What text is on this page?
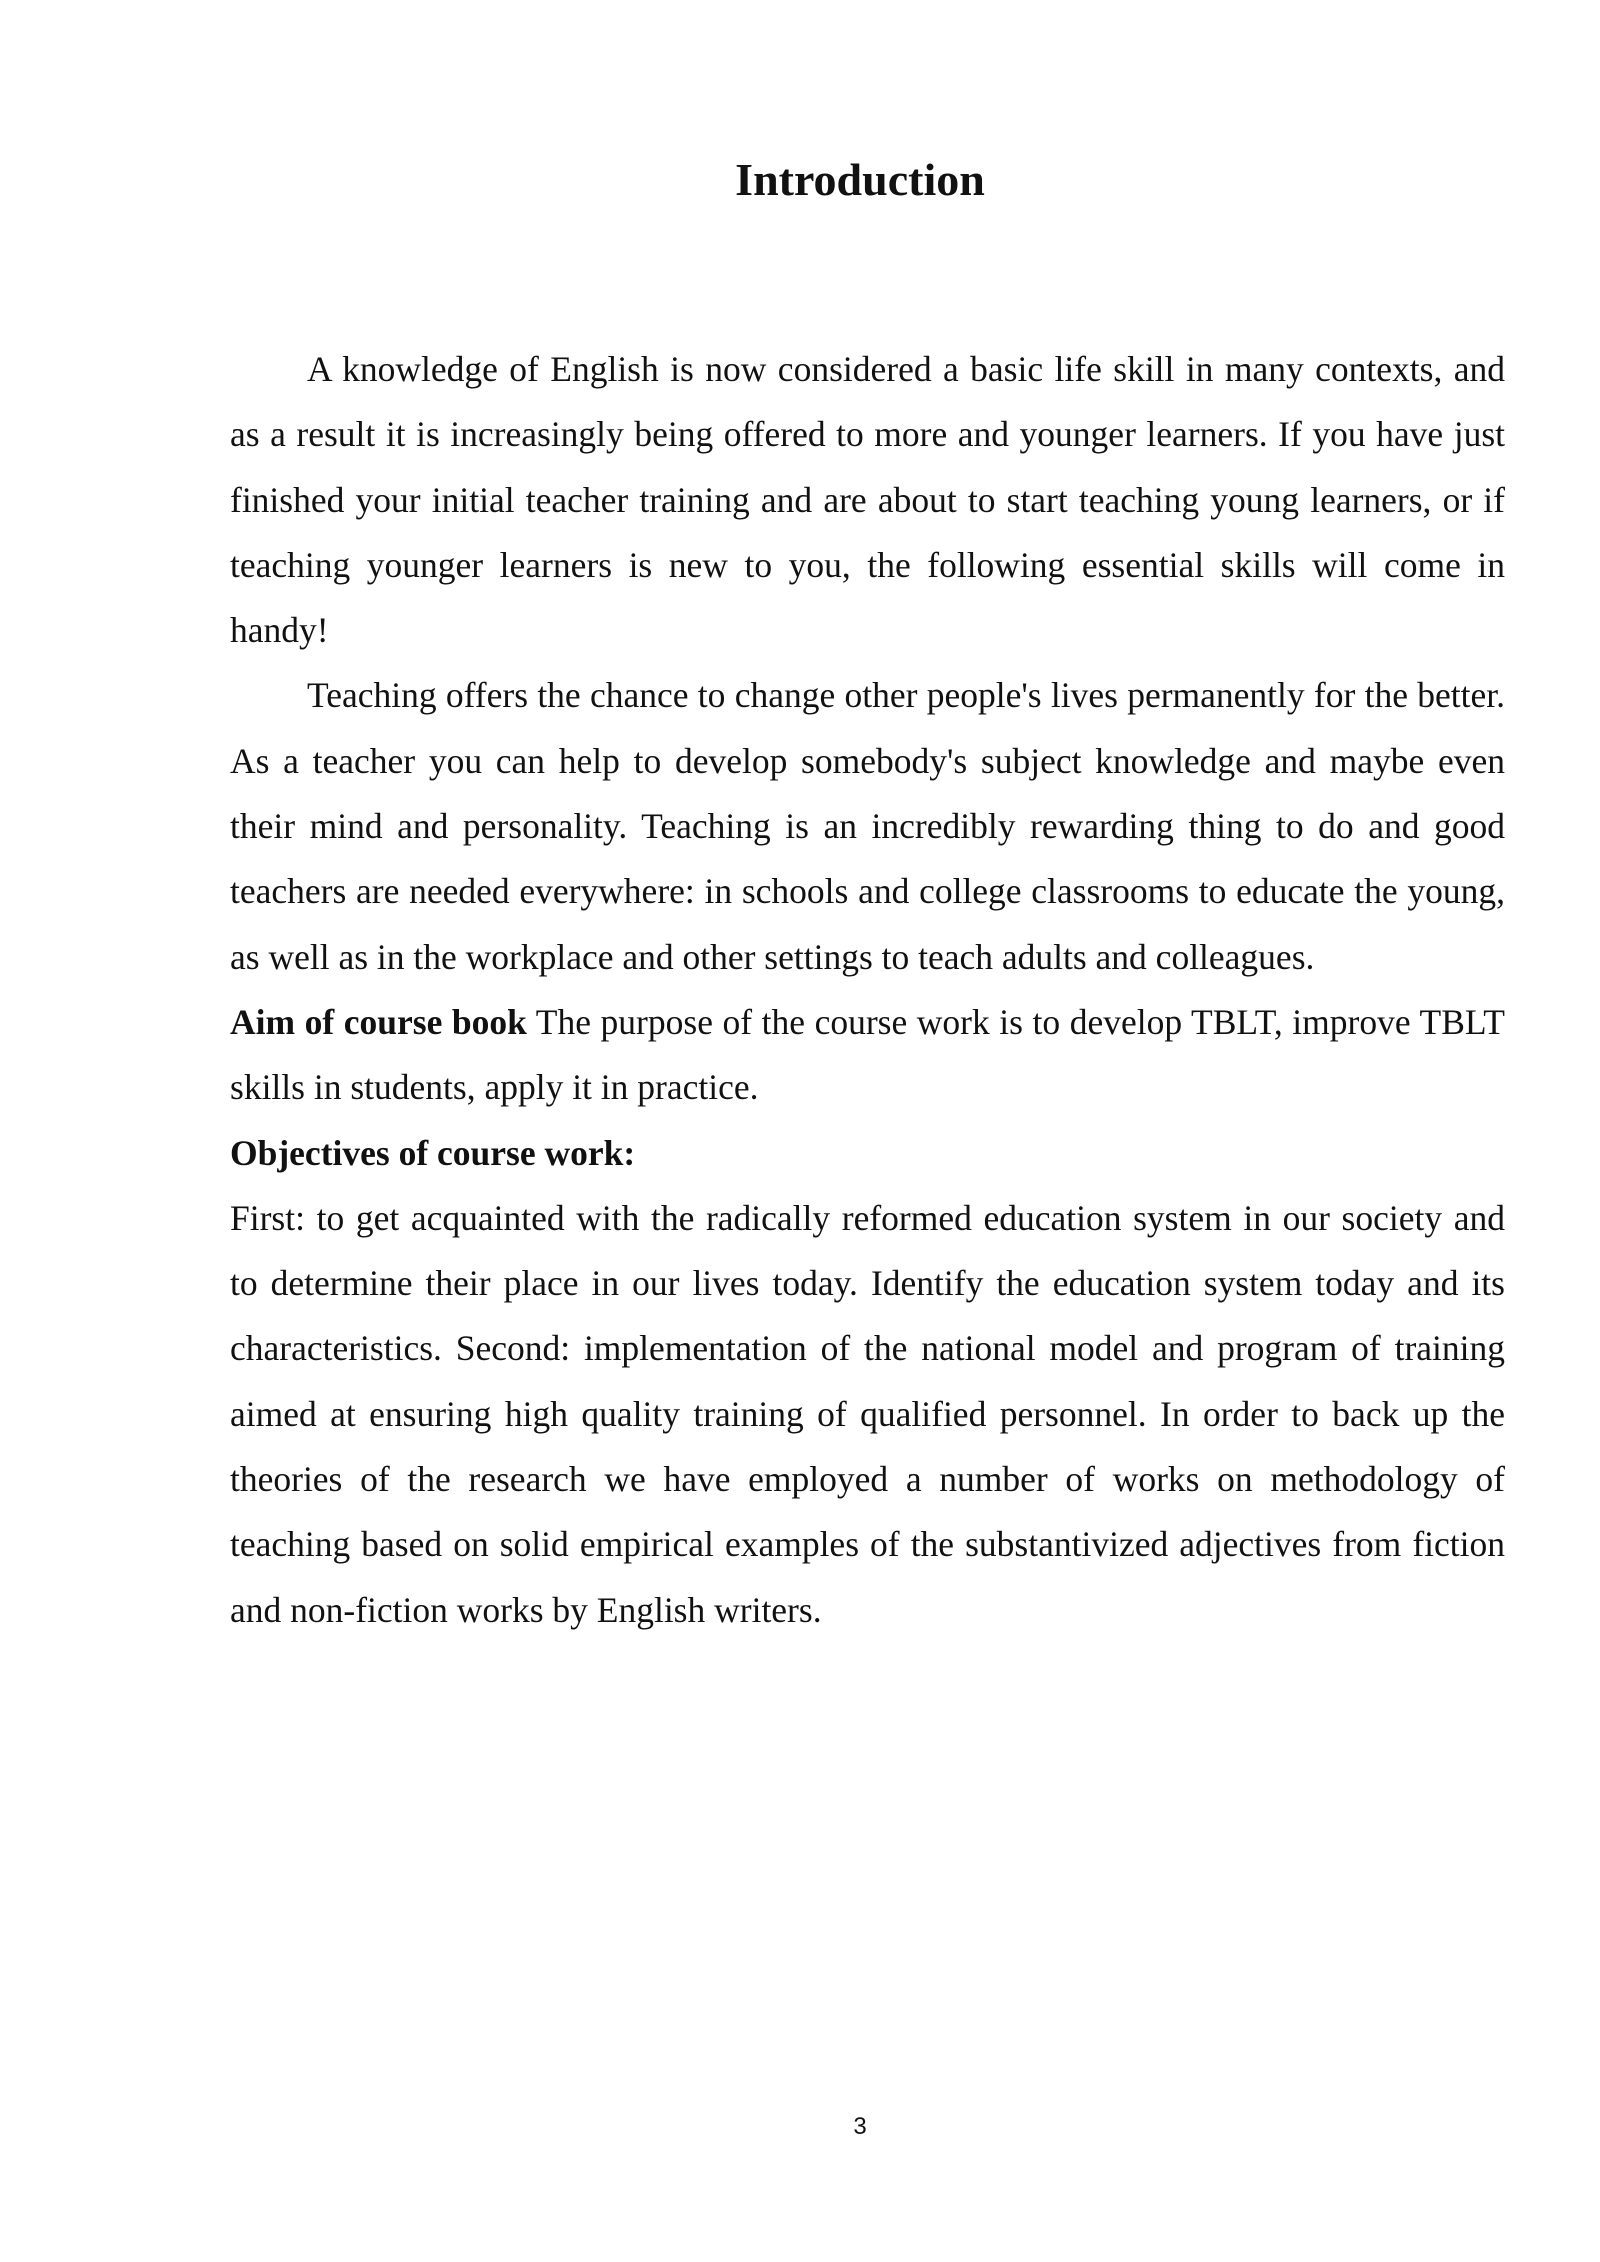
Introduction

A knowledge of English is now considered a basic life skill in many contexts, and as a result it is increasingly being offered to more and younger learners. If you have just finished your initial teacher training and are about to start teaching young learners, or if teaching younger learners is new to you, the following essential skills will come in handy!

Teaching offers the chance to change other people's lives permanently for the better. As a teacher you can help to develop somebody's subject knowledge and maybe even their mind and personality. Teaching is an incredibly rewarding thing to do and good teachers are needed everywhere: in schools and college classrooms to educate the young, as well as in the workplace and other settings to teach adults and colleagues.

Aim of course book The purpose of the course work is to develop TBLT, improve TBLT skills in students, apply it in practice.

Objectives of course work:

First: to get acquainted with the radically reformed education system in our society and to determine their place in our lives today. Identify the education system today and its characteristics. Second: implementation of the national model and program of training aimed at ensuring high quality training of qualified personnel. In order to back up the theories of the research we have employed a number of works on methodology of teaching based on solid empirical examples of the substantivized adjectives from fiction and non-fiction works by English writers.

3
